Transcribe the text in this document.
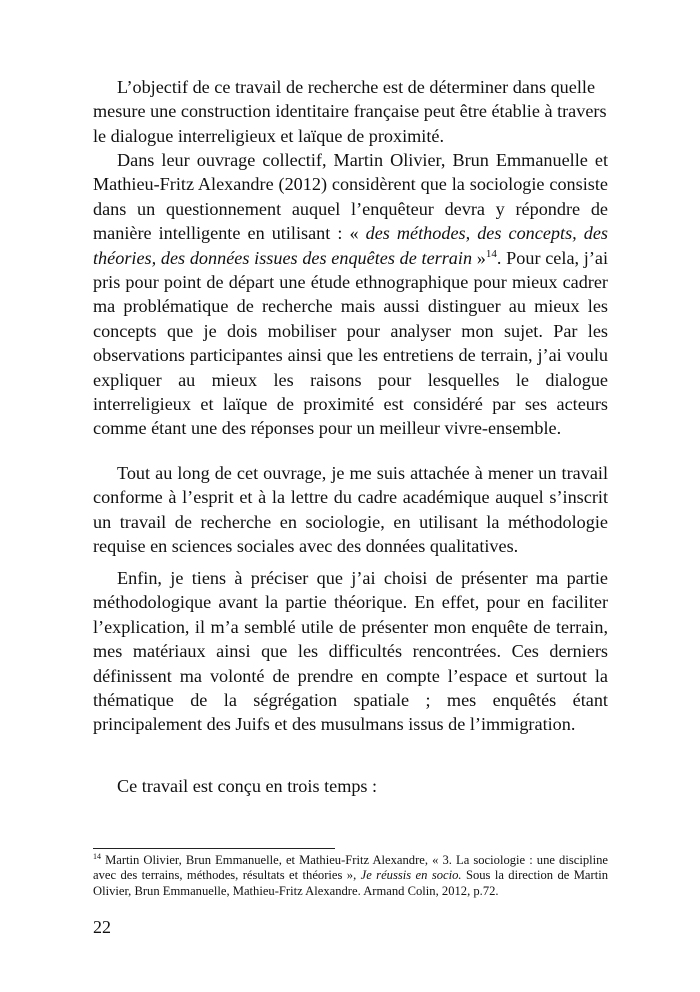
L’objectif de ce travail de recherche est de déterminer dans quelle mesure une construction identitaire française peut être établie à travers le dialogue interreligieux et laïque de proximité.

Dans leur ouvrage collectif, Martin Olivier, Brun Emmanuelle et Mathieu-Fritz Alexandre (2012) considèrent que la sociologie consiste dans un questionnement auquel l’enquêteur devra y répondre de manière intelligente en utilisant : « des méthodes, des concepts, des théories, des données issues des enquêtes de terrain »$^{14}$. Pour cela, j’ai pris pour point de départ une étude ethnographique pour mieux cadrer ma problématique de recherche mais aussi distinguer au mieux les concepts que je dois mobiliser pour analyser mon sujet. Par les observations participantes ainsi que les entretiens de terrain, j’ai voulu expliquer au mieux les raisons pour lesquelles le dialogue interreligieux et laïque de proximité est considéré par ses acteurs comme étant une des réponses pour un meilleur vivre-ensemble.

Tout au long de cet ouvrage, je me suis attachée à mener un travail conforme à l’esprit et à la lettre du cadre académique auquel s’inscrit un travail de recherche en sociologie, en utilisant la méthodologie requise en sciences sociales avec des données qualitatives.

Enfin, je tiens à préciser que j’ai choisi de présenter ma partie méthodologique avant la partie théorique. En effet, pour en faciliter l’explication, il m’a semblé utile de présenter mon enquête de terrain, mes matériaux ainsi que les difficultés rencontrées. Ces derniers définissent ma volonté de prendre en compte l’espace et surtout la thématique de la ségrégation spatiale ; mes enquêtés étant principalement des Juifs et des musulmans issus de l’immigration.

Ce travail est conçu en trois temps :

$^{14}$ Martin Olivier, Brun Emmanuelle, et Mathieu-Fritz Alexandre, « 3. La sociologie : une discipline avec des terrains, méthodes, résultats et théories », Je réussis en socio. Sous la direction de Martin Olivier, Brun Emmanuelle, Mathieu-Fritz Alexandre. Armand Colin, 2012, p.72.

22
